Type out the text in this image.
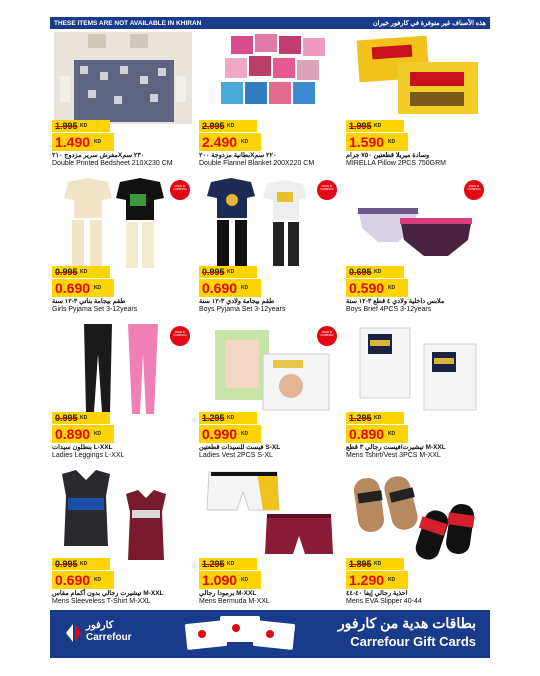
THESE ITEMS ARE NOT AVAILABLE IN KHIRAN	هذه الأصناف غير متوفرة في كارفور خيران
1.995 $^{KD}$
1.490 $^{KD}$
مفرش سرير مزدوج ٢١٠X٢٣٠ سم
Double Printed Bedsheet 210X230 CM
2.995 $^{KD}$
2.490 $^{KD}$
بطانية مزدوجة ٢٠٠X٢٢٠ سم
Double Flannel Blanket 200X220 CM
1.995 $^{KD}$
1.590 $^{KD}$
وسادة ميريلا قطعتين ٧٥٠ جرام
MIRELLA Pillow 2PCS 750GRM
MADE IN CAMBODIA
0.995 $^{KD}$
0.690 $^{KD}$
طقم بيجامة بناتي ٣-١٢ سنة
Girls Pyjama Set 3-12years
MADE IN CAMBODIA
0.995 $^{KD}$
0.690 $^{KD}$
طقم بيجامة ولادي ٣-١٢ سنة
Boys Pyjama Set 3-12years
MADE IN CAMBODIA
0.695 $^{KD}$
0.590 $^{KD}$
ملابس داخلية ولادي ٤ قطع ٣-١٢ سنة
Boys Brief 4PCS 3-12years
MADE IN CAMBODIA
0.995 $^{KD}$
0.890 $^{KD}$
بنطلون سيدات L-XXL
Ladies Leggings L-XXL
MADE IN CAMBODIA
1.295 $^{KD}$
0.990 $^{KD}$
فيست للسيدات قطعتين S-XL
Ladies Vest 2PCS S-XL
1.295 $^{KD}$
0.890 $^{KD}$
تيشيرت/فيست رجالي ٣ قطع M-XXL
Mens Tshirt/Vest 3PCS M-XXL
0.995 $^{KD}$
0.690 $^{KD}$
تيشيرت رجالي بدون أكمام مقاس M-XXL
Mens Sleeveless T-Shirt M-XXL
1.295 $^{KD}$
1.090 $^{KD}$
برمودا رجالي M-XXL
Mens Bermuda M-XXL
1.895 $^{KD}$
1.290 $^{KD}$
احذية رجالي إيفا ٤٠-٤٤
Mens EVA Slipper 40-44
كارفور
Carrefour
بطاقات هدية من كارفور
Carrefour Gift Cards
